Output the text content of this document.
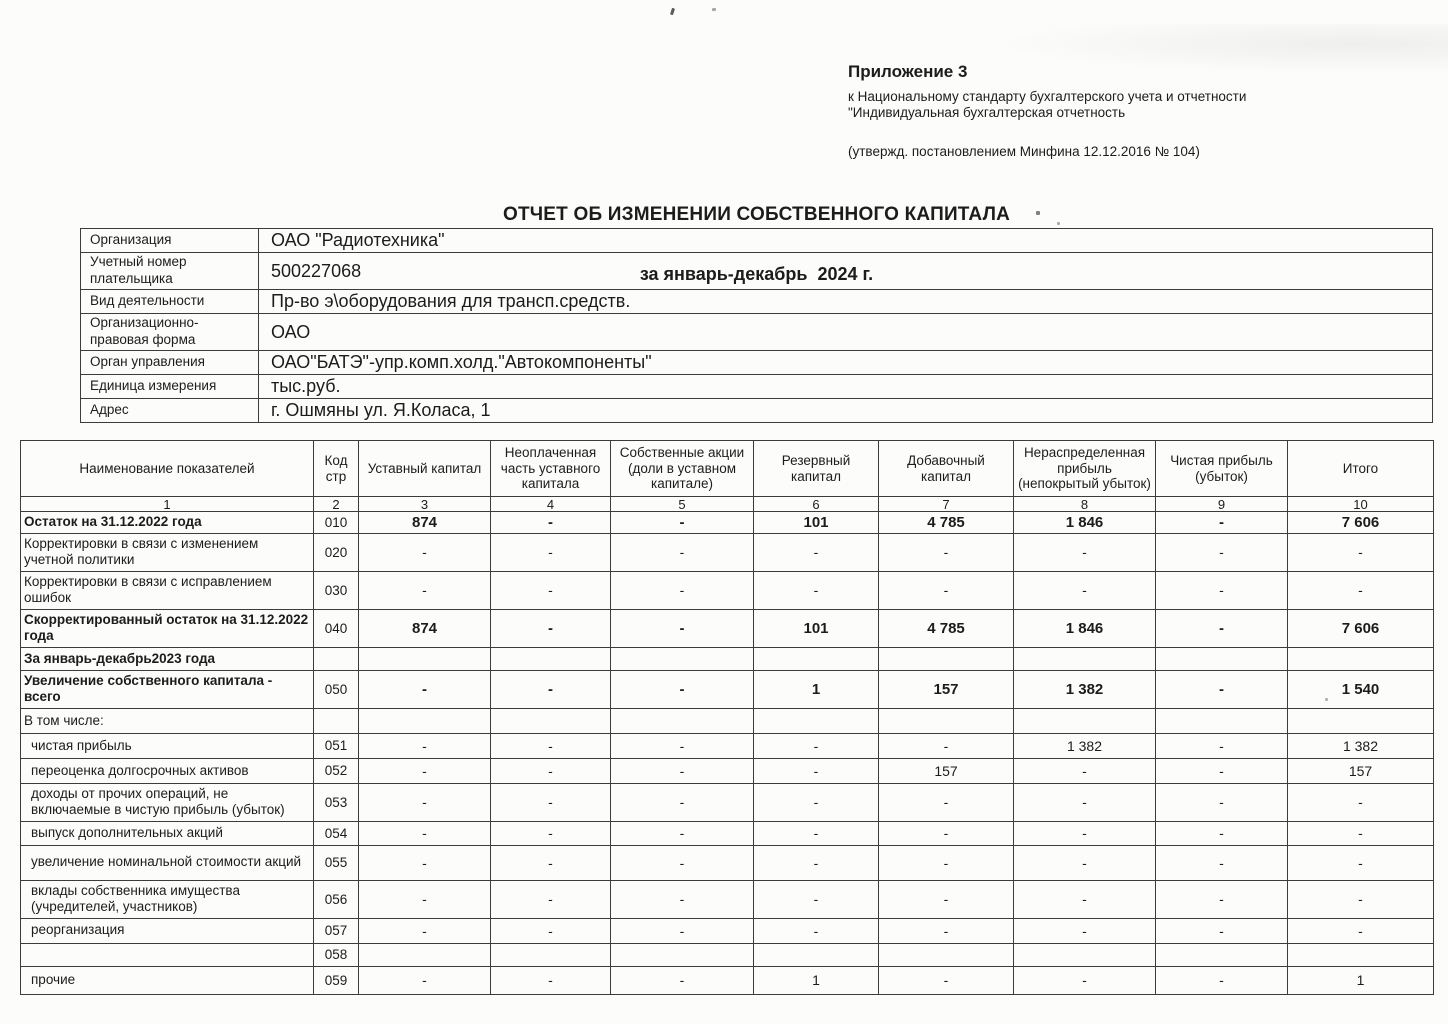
Приложение 3

к Национальному стандарту бухгалтерского учета и отчетности

"Индивидуальная бухгалтерская отчетность

(утвержд. постановлением Минфина 12.12.2016 № 104)

ОТЧЕТ ОБ ИЗМЕНЕНИИ СОБСТВЕННОГО КАПИТАЛА

за январь-декабрь  2024 г.

Организация	ОАО "Радиотехника"
Учетный номер плательщика	500227068
Вид деятельности	Пр-во э\оборудования для трансп.средств.
Организационно-правовая форма	ОАО
Орган управления	ОАО"БАТЭ"-упр.комп.холд."Автокомпоненты"
Единица измерения	тыс.руб.
Адрес	г. Ошмяны ул. Я.Коласа, 1
Наименование показателей	Код стр	Уставный капитал	Неоплаченная часть уставного капитала	Собственные акции (доли в уставном капитале)	Резервный капитал	Добавочный капитал	Нераспределенная прибыль (непокрытый убыток)	Чистая прибыль (убыток)	Итого
1	2	3	4	5	6	7	8	9	10
Остаток на 31.12.2022 года	010	874	-	-	101	4 785	1 846	-	7 606
Корректировки в связи с изменением учетной политики	020	-	-	-	-	-	-	-	-
Корректировки в связи с исправлением ошибок	030	-	-	-	-	-	-	-	-
Скорректированный остаток на 31.12.2022 года	040	874	-	-	101	4 785	1 846	-	7 606
За январь-декабрь2023 года									
Увеличение собственного капитала - всего	050	-	-	-	1	157	1 382	-	1 540
В том числе:									
чистая прибыль	051	-	-	-	-	-	1 382	-	1 382
переоценка долгосрочных активов	052	-	-	-	-	157	-	-	157
доходы от прочих операций, не включаемые в чистую прибыль (убыток)	053	-	-	-	-	-	-	-	-
выпуск дополнительных акций	054	-	-	-	-	-	-	-	-
увеличение номинальной стоимости акций	055	-	-	-	-	-	-	-	-
вклады собственника имущества (учредителей, участников)	056	-	-	-	-	-	-	-	-
реорганизация	057	-	-	-	-	-	-	-	-
	058								
прочие	059	-	-	-	1	-	-	-	1
